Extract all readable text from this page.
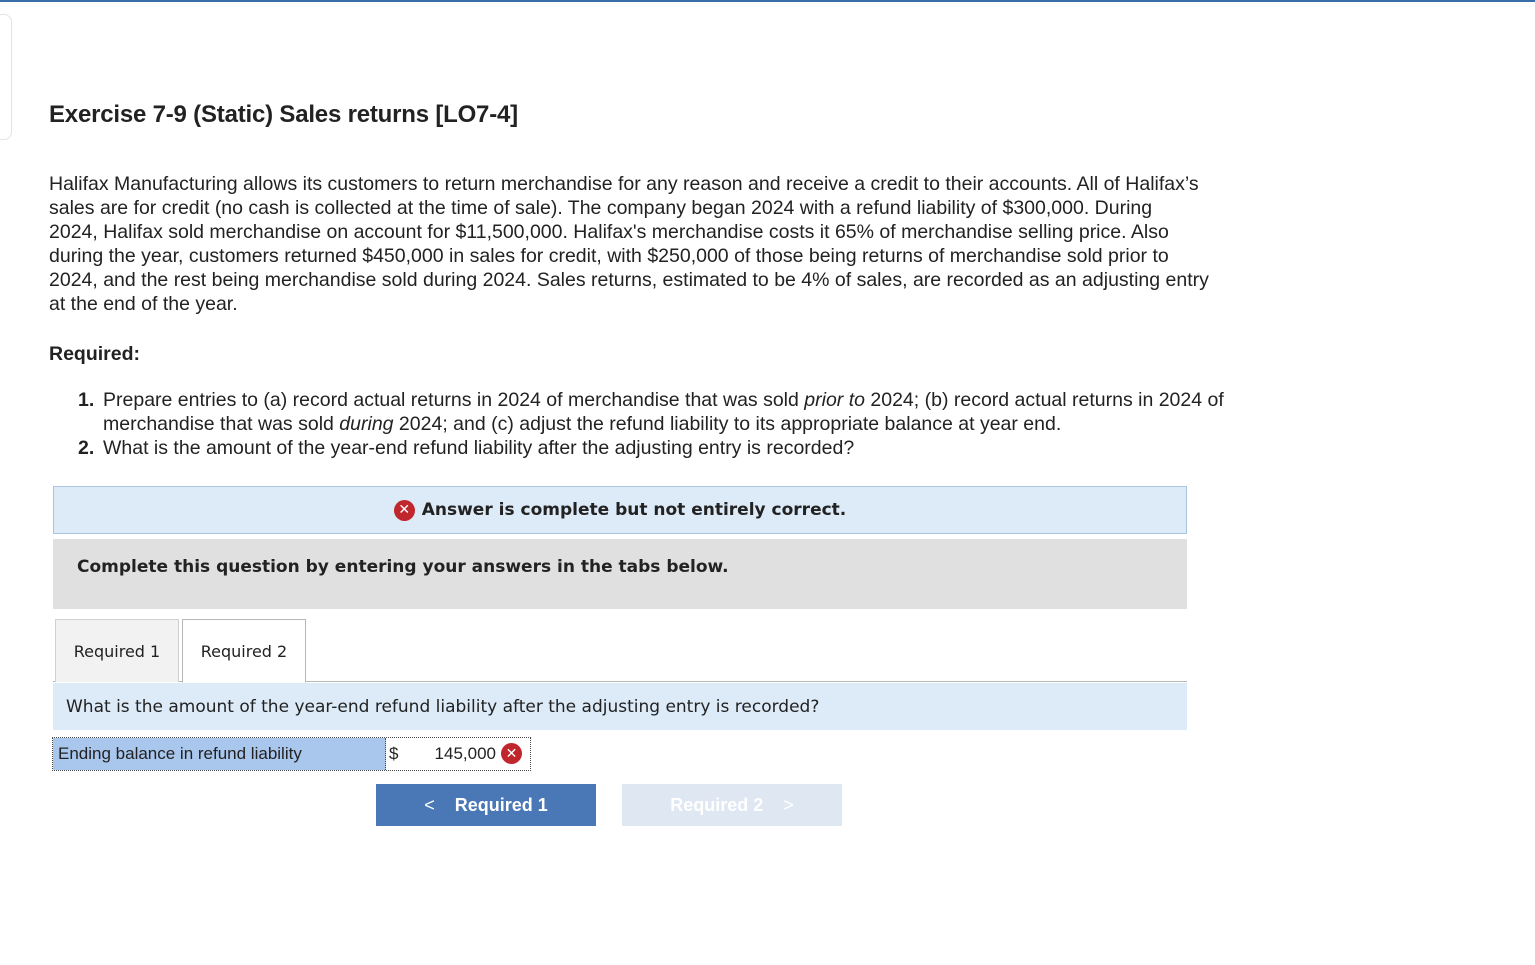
Exercise 7-9 (Static) Sales returns [LO7-4]
Halifax Manufacturing allows its customers to return merchandise for any reason and receive a credit to their accounts. All of Halifax’s
sales are for credit (no cash is collected at the time of sale). The company began 2024 with a refund liability of $300,000. During
2024, Halifax sold merchandise on account for $11,500,000. Halifax's merchandise costs it 65% of merchandise selling price. Also
during the year, customers returned $450,000 in sales for credit, with $250,000 of those being returns of merchandise sold prior to
2024, and the rest being merchandise sold during 2024. Sales returns, estimated to be 4% of sales, are recorded as an adjusting entry
at the end of the year.
Required:
1. Prepare entries to (a) record actual returns in 2024 of merchandise that was sold prior to 2024; (b) record actual returns in 2024 of merchandise that was sold during 2024; and (c) adjust the refund liability to its appropriate balance at year end.
2. What is the amount of the year-end refund liability after the adjusting entry is recorded?
✕ Answer is complete but not entirely correct.
Complete this question by entering your answers in the tabs below.
Required 1	Required 2
What is the amount of the year-end refund liability after the adjusting entry is recorded?
Ending balance in refund liability	$ 145,000 ✕
< Required 1	Required 2 >
